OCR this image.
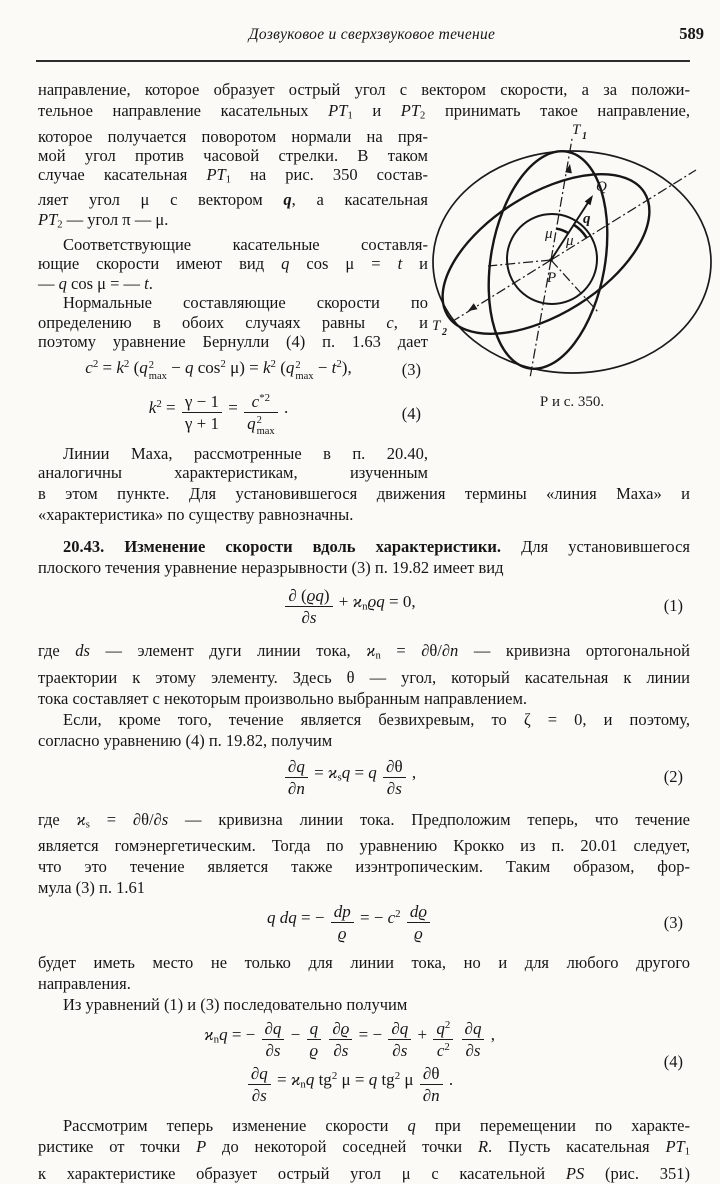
Дозвуковое и сверхзвуковое течение	589
направление, которое образует острый угол с вектором скорости, а за положи-
тельное направление касательных $PT_1$ и $PT_2$ принимать такое направление,
которое получается поворотом нормали на пря-
мой угол против часовой стрелки. В таком
случае касательная $PT_1$ на рис. 350 состав-
ляет угол μ с вектором q, а касательная
$PT_2$ — угол π — μ.
Соответствующие касательные составля-
ющие скорости имеют вид q cos μ = t и
— q cos μ = — t.
Нормальные составляющие скорости по
определению в обоих случаях равны c, и
поэтому уравнение Бернулли (4) п. 1.63 дает
$c^2 = k^2$ (q 2
max − q $\cos^2 \mu) = k^2$ (q 2
$\max - t^2$),	(3)
$k^2 = \frac{\gamma - 1}{\gamma + 1} = c^{*2}$
q 2
max .	(4)
Линии Маха, рассмотренные в п. 20.40,
аналогичны характеристикам, изученным
в этом пункте. Для установившегося движения термины «линия Маха» и
«характеристика» по существу равнозначны.
20.43. Изменение скорости вдоль характеристики. Для установившегося
плоского течения уравнение неразрывности (3) п. 19.82 имеет вид
$\frac{\partial (ϱq)}{\partial s} + ϰ_nϱq = 0$,	(1)
где ds — элемент дуги линии тока, $ϰ_n = \partial\theta/\partial n$ — кривизна ортогональной
траектории к этому элементу. Здесь θ — угол, который касательная к линии
тока составляет с некоторым произвольно выбранным направлением.
Если, кроме того, течение является безвихревым, то ζ = 0, и поэтому,
согласно уравнению (4) п. 19.82, получим
$\frac{\partial q}{\partial n} = ϰ_sq = q \frac{\partial\theta}{\partial s}$ ,	(2)
где $ϰ_s = \partial\theta/\partial s$ — кривизна линии тока. Предположим теперь, что течение
является гомэнергетическим. Тогда по уравнению Крокко из п. 20.01 следует,
что это течение является также изэнтропическим. Таким образом, фор-
мула (3) п. 1.61
q dq = − $\frac{dp}{ϱ}$ = − $c^2 \frac{dϱ}{ϱ}$	(3)
будет иметь место не только для линии тока, но и для любого другого
направления.
Из уравнений (1) и (3) последовательно получим
$ϰ_nq$ = − $\frac{\partial q}{\partial s} - \frac{q}{ϱ}$
$\frac{\partial ϱ}{\partial s}$ = − $\frac{\partial q}{\partial s} + \frac{q^2}{c^2}$
$\frac{\partial q}{\partial s}$ ,
$\frac{\partial q}{\partial s} = ϰ_nq$ $tg^2$ μ = q $tg^2$ μ $\frac{\partial\theta}{\partial n}$ .
(4)
Рассмотрим теперь изменение скорости q при перемещении по характе-
ристике от точки P до некоторой соседней точки R. Пусть касательная $PT_1$
к характеристике образует острый угол μ с касательной PS (рис. 351)
T 1
T 2
Q
q
μ μ
P
Р и с. 350.
